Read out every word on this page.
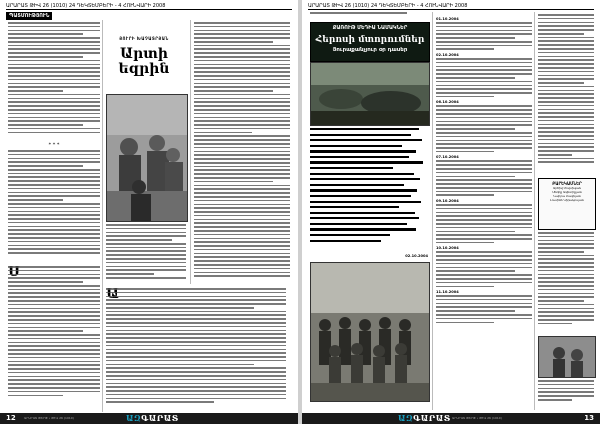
ԱՐԱՐԱՏ ԹԻՎ 26 (1010) 24 ԴԵԿՏԵՄԲԵՐԻ - 4 ՀՈՒՆՎԱՐԻ 2008
ՊԱՏՄՈՒԹՅՈՒՆ
* * *
ՅՈՒՐԻ ԽԱՉԱՏՐՅԱՆ
Արտի
եզրին
12	ԱՐԱՐԱՏ ԹԵՐԹ • ԹԻՎ 26 (1010)	ԱԶԳԱՐԱՏ
ԱՐԱՐԱՏ ԹԻՎ 26 (1010) 24 ԴԵԿՏԵՄԲԵՐԻ - 4 ՀՈՒՆՎԱՐԻ 2008
ՔԱՌՈՒԹ ՄԵԴԻԱ ՆԱՄԱԿՆԵՐ
Հերոսի մտորումներ
Յուրաքանչյուր օր դասեր
02.10.2004
01.10.2004
02.10.2004
06.10.2004
07.10.2004
09.10.2004
10.10.2004
11.10.2004
ԲԱՐԵԿԱՄՆԵՐ
Արծիվ Մովսիսյան
Սեռիք Ավետիքյան
Նաիրա Բազեյան
Լուսինե Կիրակոսյան
ԱԶԳԱՐԱՏ ԱՐԱՐԱՏ ԹԵՐԹ • ԹԻՎ 26 (1010)	13
